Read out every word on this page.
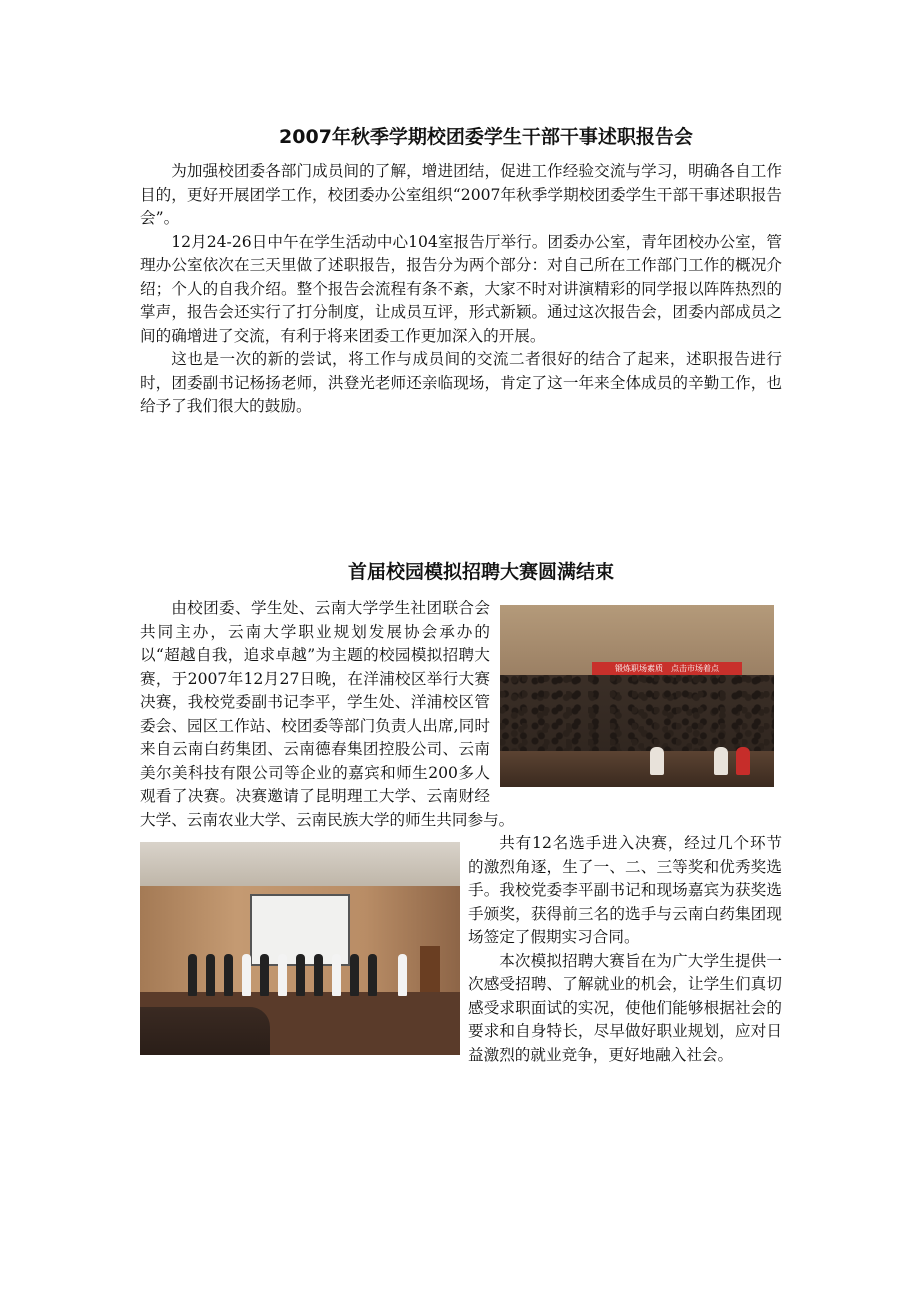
2007年秋季学期校团委学生干部干事述职报告会

为加强校团委各部门成员间的了解，增进团结，促进工作经验交流与学习，明确各自工作目的，更好开展团学工作，校团委办公室组织“2007年秋季学期校团委学生干部干事述职报告会”。

12月24-26日中午在学生活动中心104室报告厅举行。团委办公室，青年团校办公室，管理办公室依次在三天里做了述职报告，报告分为两个部分：对自己所在工作部门工作的概况介绍；个人的自我介绍。整个报告会流程有条不紊，大家不时对讲演精彩的同学报以阵阵热烈的掌声，报告会还实行了打分制度，让成员互评，形式新颖。通过这次报告会，团委内部成员之间的确增进了交流，有利于将来团委工作更加深入的开展。

这也是一次的新的尝试，将工作与成员间的交流二者很好的结合了起来，述职报告进行时，团委副书记杨扬老师，洪登光老师还亲临现场，肯定了这一年来全体成员的辛勤工作，也给予了我们很大的鼓励。

首届校园模拟招聘大赛圆满结束
锻炼职场素质　点击市场着点

由校团委、学生处、云南大学学生社团联合会共同主办，云南大学职业规划发展协会承办的以“超越自我，追求卓越”为主题的校园模拟招聘大赛，于2007年12月27日晚，在洋浦校区举行大赛决赛，我校党委副书记李平，学生处、洋浦校区管委会、园区工作站、校团委等部门负责人出席,同时来自云南白药集团、云南德春集团控股公司、云南美尔美科技有限公司等企业的嘉宾和师生200多人观看了决赛。决赛邀请了昆明理工大学、云南财经大学、云南农业大学、云南民族大学的师生共同参与。

共有12名选手进入决赛，经过几个环节的激烈角逐，生了一、二、三等奖和优秀奖选手。我校党委李平副书记和现场嘉宾为获奖选手颁奖，获得前三名的选手与云南白药集团现场签定了假期实习合同。

本次模拟招聘大赛旨在为广大学生提供一次感受招聘、了解就业的机会，让学生们真切感受求职面试的实况，使他们能够根据社会的要求和自身特长，尽早做好职业规划，应对日益激烈的就业竞争，更好地融入社会。
